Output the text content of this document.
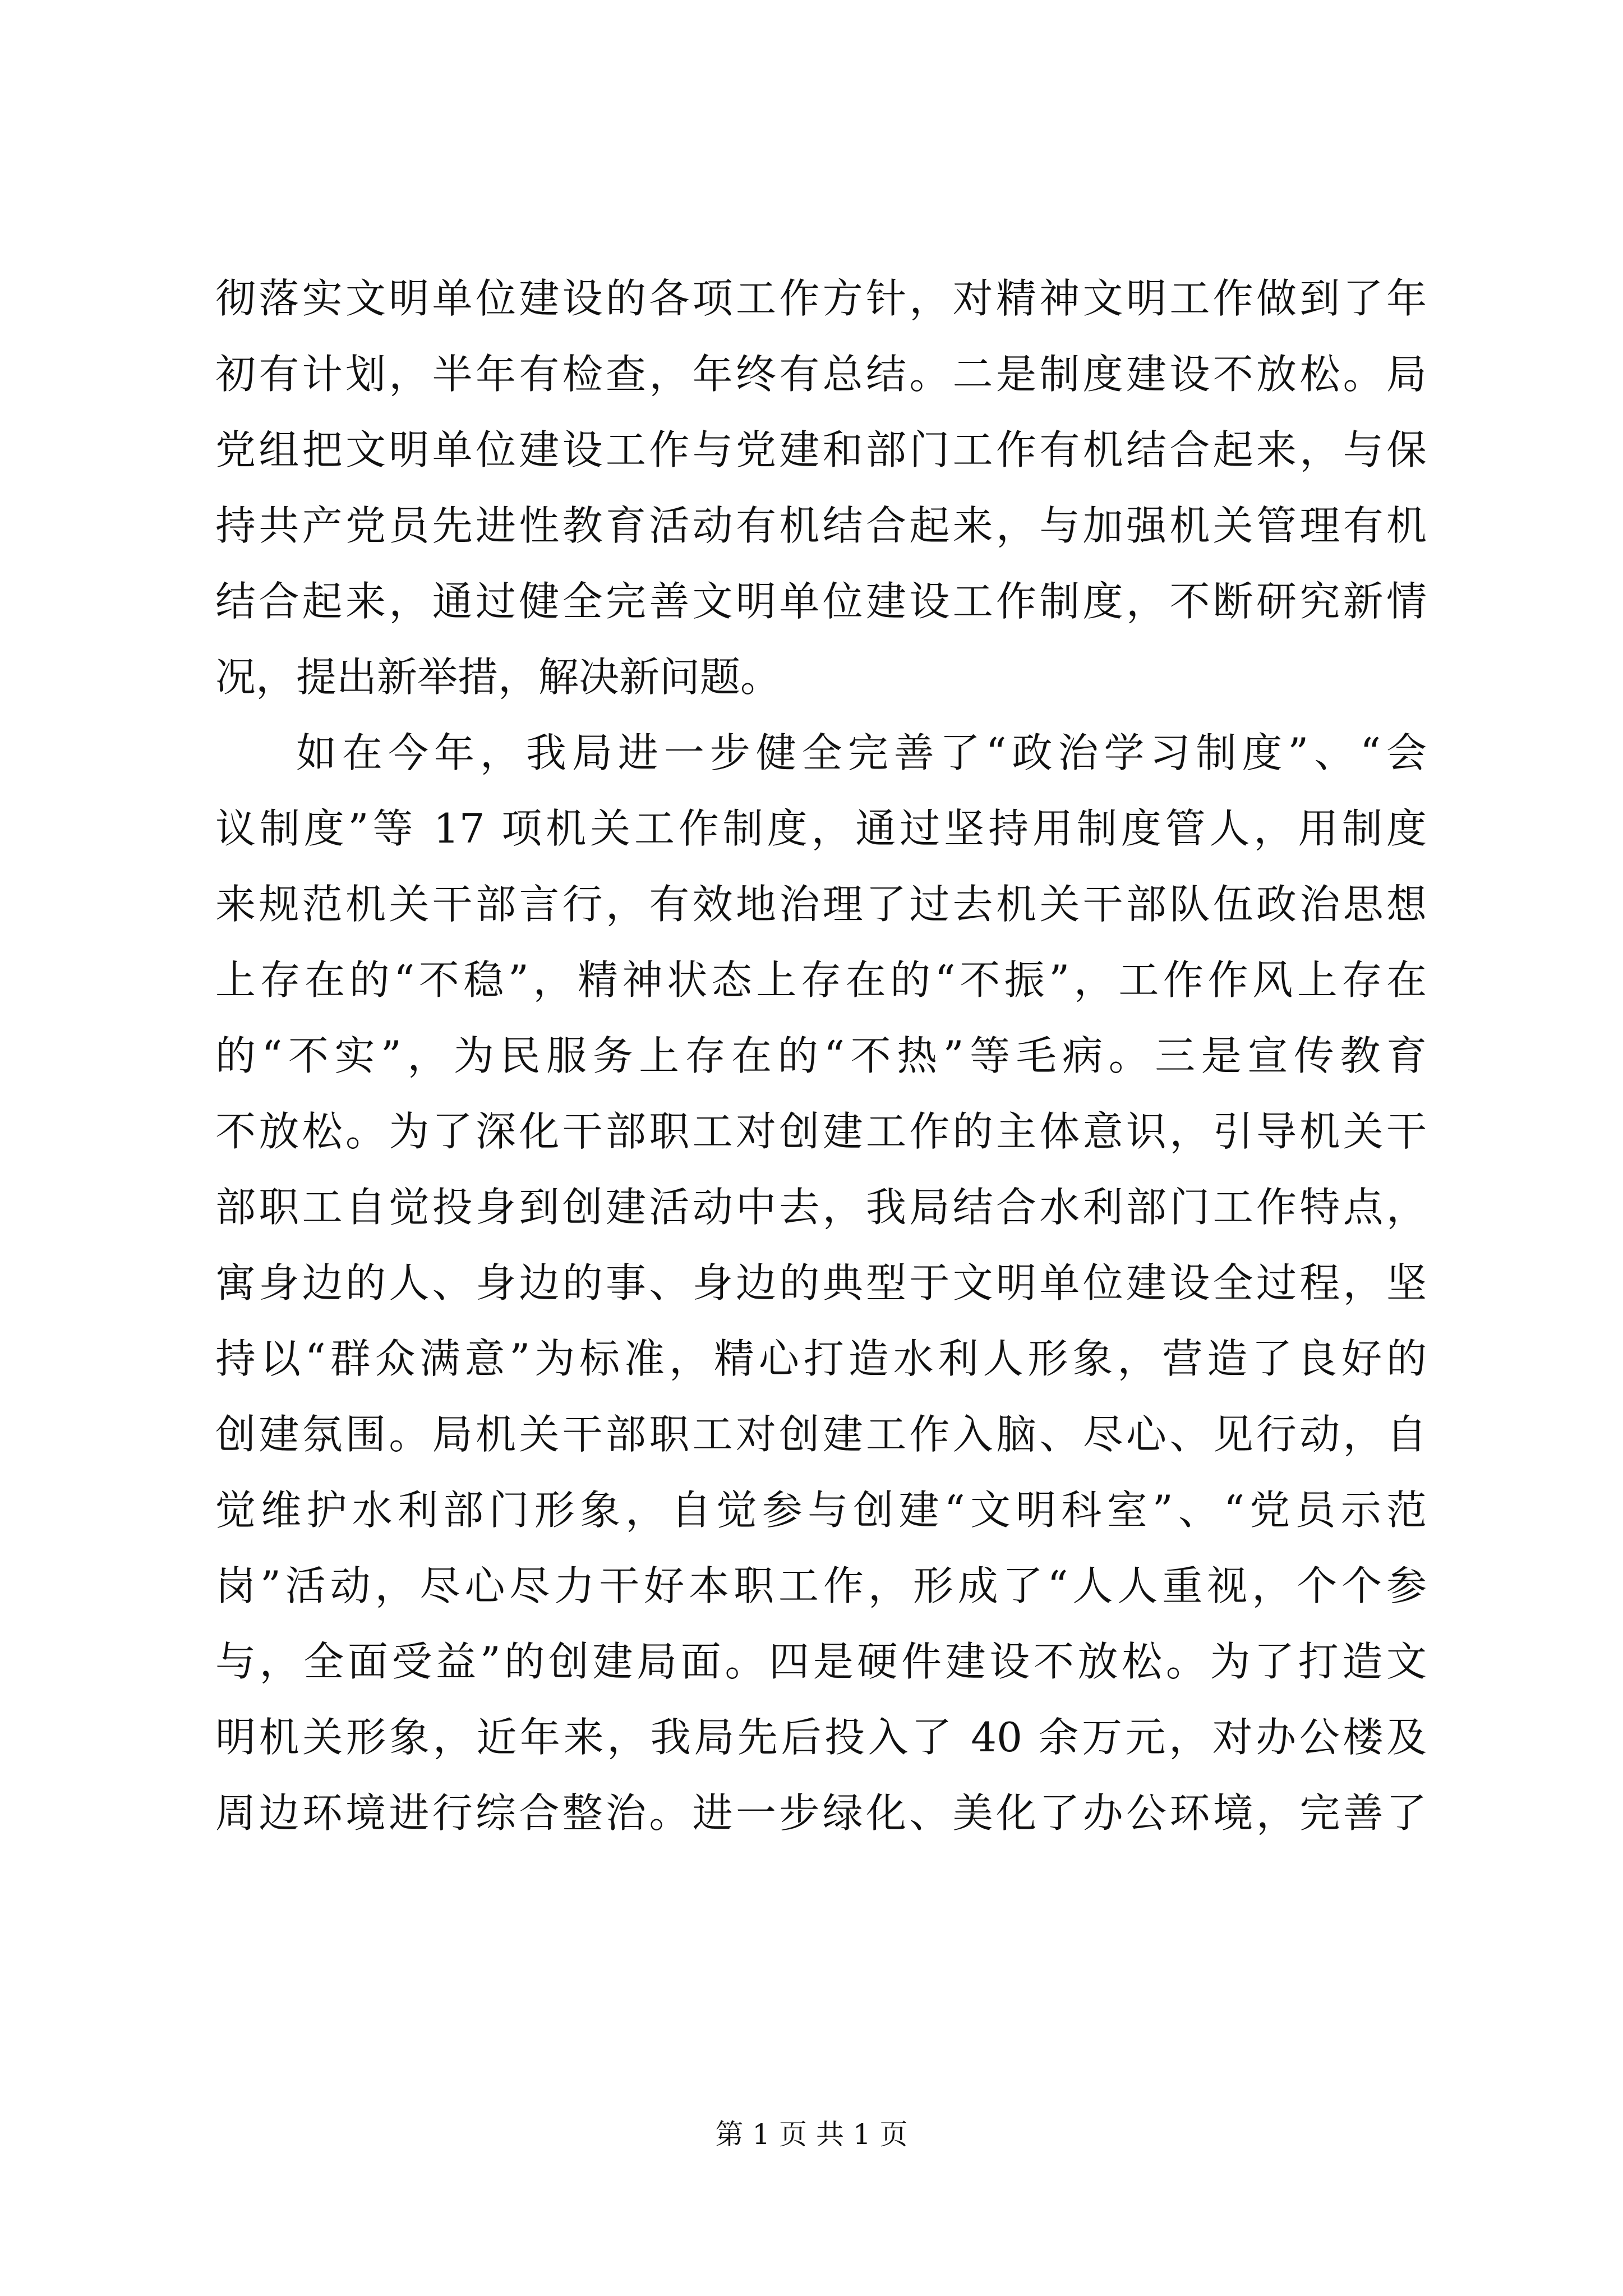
彻落实文明单位建设的各项工作方针，对精神文明工作做到了年
初有计划，半年有检查，年终有总结。二是制度建设不放松。局
党组把文明单位建设工作与党建和部门工作有机结合起来，与保
持共产党员先进性教育活动有机结合起来，与加强机关管理有机
结合起来，通过健全完善文明单位建设工作制度，不断研究新情
况，提出新举措，解决新问题。
如在今年，我局进一步健全完善了“政治学习制度”、“会
议制度”等 17 项机关工作制度，通过坚持用制度管人，用制度
来规范机关干部言行，有效地治理了过去机关干部队伍政治思想
上存在的“不稳”，精神状态上存在的“不振”，工作作风上存在
的“不实”，为民服务上存在的“不热”等毛病。三是宣传教育
不放松。为了深化干部职工对创建工作的主体意识，引导机关干
部职工自觉投身到创建活动中去，我局结合水利部门工作特点，
寓身边的人、身边的事、身边的典型于文明单位建设全过程，坚
持以“群众满意”为标准，精心打造水利人形象，营造了良好的
创建氛围。局机关干部职工对创建工作入脑、尽心、见行动，自
觉维护水利部门形象，自觉参与创建“文明科室”、“党员示范
岗”活动，尽心尽力干好本职工作，形成了“人人重视，个个参
与，全面受益”的创建局面。四是硬件建设不放松。为了打造文
明机关形象，近年来，我局先后投入了 40 余万元，对办公楼及
周边环境进行综合整治。进一步绿化、美化了办公环境，完善了
第 1 页 共 1 页
